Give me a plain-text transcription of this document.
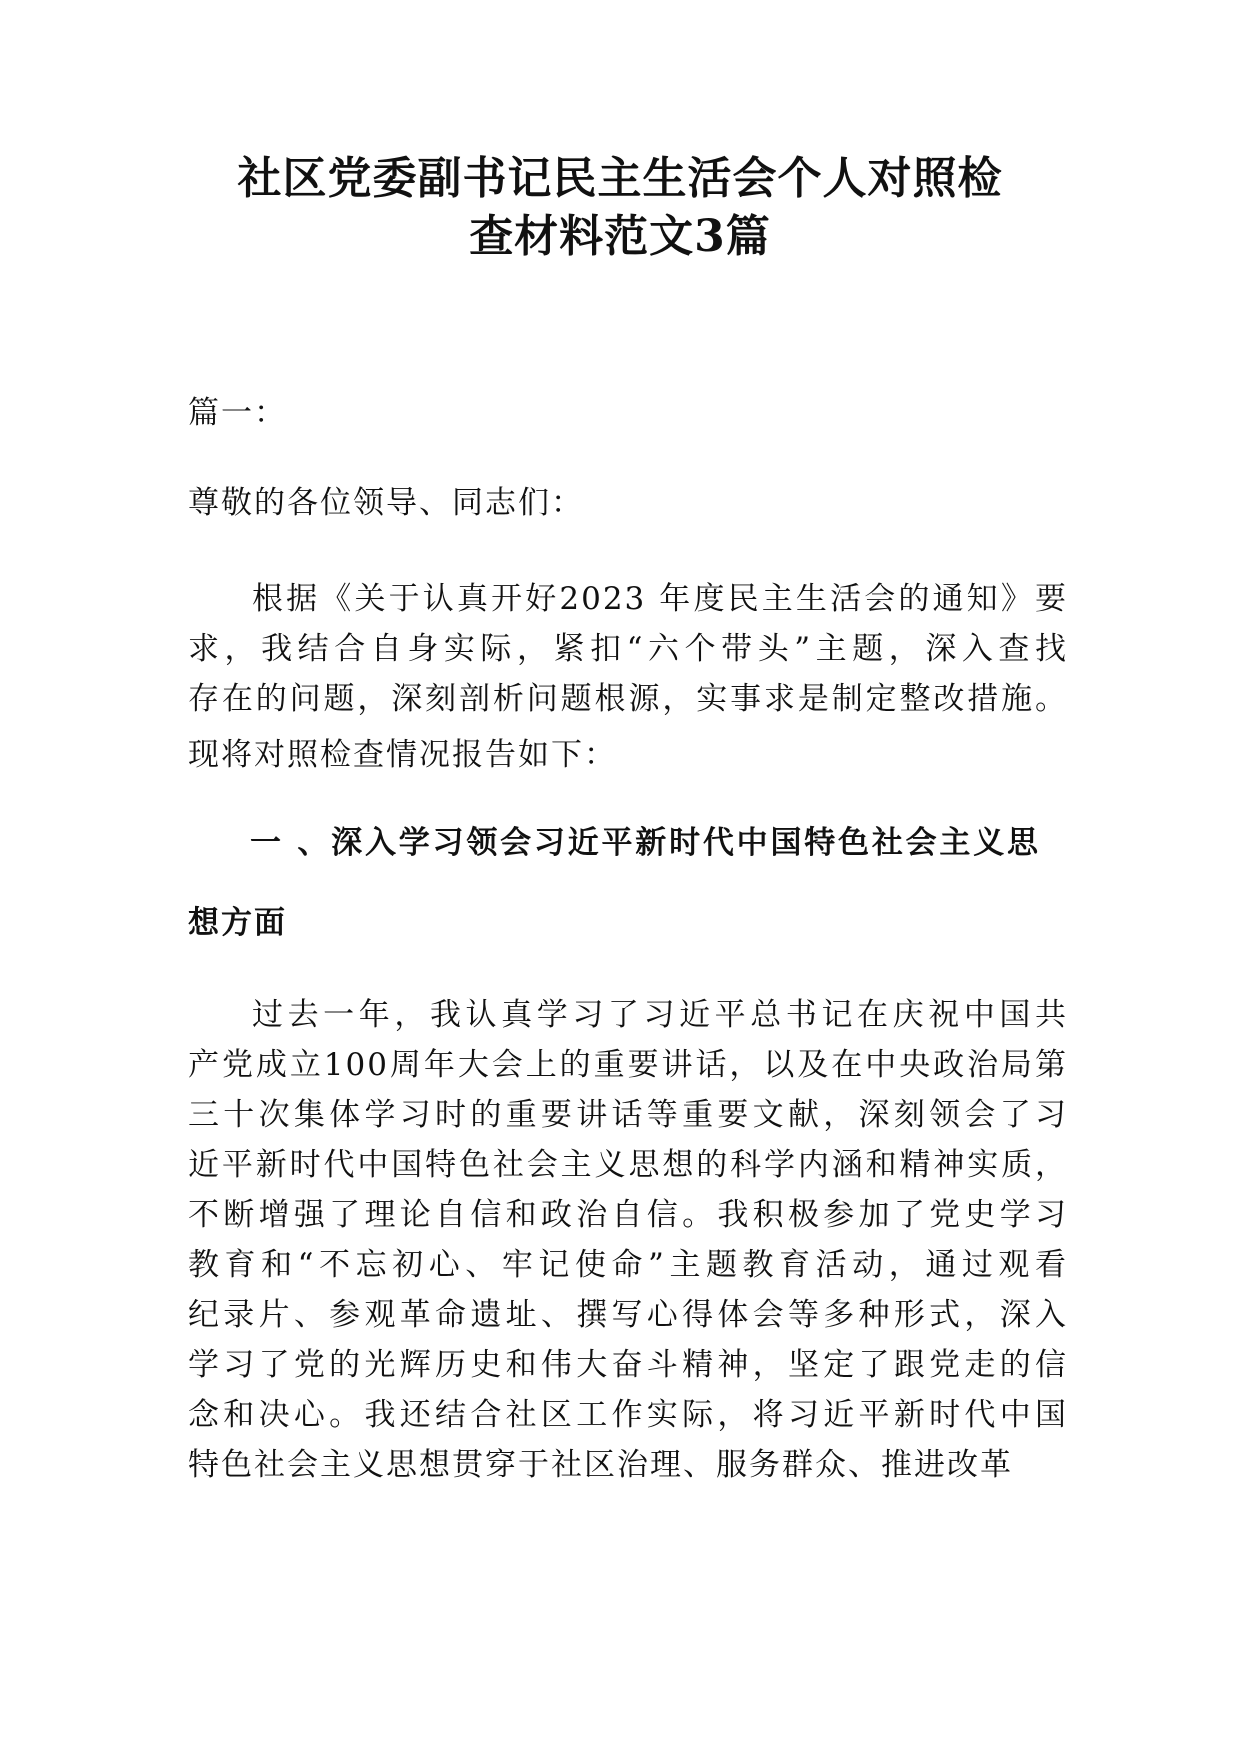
社区党委副书记民主生活会个人对照检
查材料范文3篇
篇一：
尊敬的各位领导、同志们：
根据《关于认真开好2023 年度民主生活会的通知》要
求，我结合自身实际，紧扣“六个带头”主题，深入查找
存在的问题，深刻剖析问题根源，实事求是制定整改措施。
现将对照检查情况报告如下：
一 、深入学习领会习近平新时代中国特色社会主义思
想方面
过去一年，我认真学习了习近平总书记在庆祝中国共
产党成立100周年大会上的重要讲话，以及在中央政治局第
三十次集体学习时的重要讲话等重要文献，深刻领会了习
近平新时代中国特色社会主义思想的科学内涵和精神实质，
不断增强了理论自信和政治自信。我积极参加了党史学习
教育和“不忘初心、牢记使命”主题教育活动，通过观看
纪录片、参观革命遗址、撰写心得体会等多种形式，深入
学习了党的光辉历史和伟大奋斗精神，坚定了跟党走的信
念和决心。我还结合社区工作实际，将习近平新时代中国
特色社会主义思想贯穿于社区治理、服务群众、推进改革
